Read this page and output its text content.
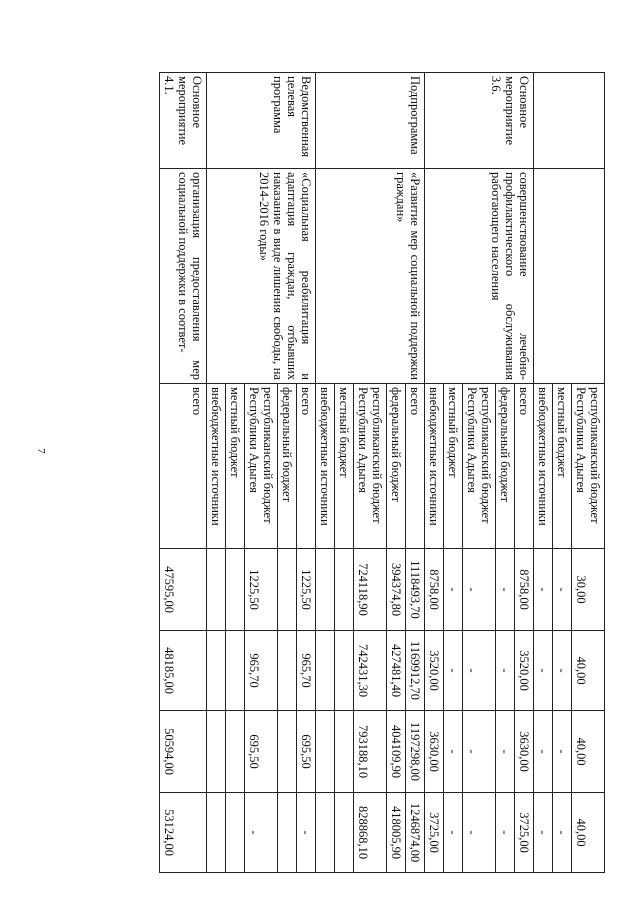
7
			республиканский бюджет Республики Адыгея	30,00	40,00	40,00	40,00
		местный бюджет	-	-	-	-
		внебюджетные источники	-	-	-	-
Основное мероприятие 3.6.	совершенствование лечебно-профилактического обслуживания работающего населения	всего	8758,00	3520,00	3630,00	3725,00
		федеральный бюджет	-	-	-	-
		республиканский бюджет Республики Адыгея	-	-	-	-
		местный бюджет	-	-	-	-
		внебюджетные источники	8758,00	3520,00	3630,00	3725,00
Подпрограмма	«Развитие мер социальной поддержки граждан»	всего	1118493,70	1169912,70	1197298,00	1246874,00
		федеральный бюджет	394374,80	427481,40	404109,90	418005,90
		республиканский бюджет Республики Адыгея	724118,90	742431,30	793188,10	828868,10
		местный бюджет				
		внебюджетные источники				
Ведомственная целевая программа	«Социальная реабилитация и адаптация граждан, отбывших наказание в виде лишения свободы, на 2014-2016 годы»	всего	1225,50	965,70	695,50	-
		федеральный бюджет				
		республиканский бюджет Республики Адыгея	1225,50	965,70	695,50	-
		местный бюджет				
		внебюджетные источники				
Основное мероприятие 4.1.	организация предоставления мер социальной поддержки в соответ-	всего	47595,00	48185,00	50594,00	53124,00
